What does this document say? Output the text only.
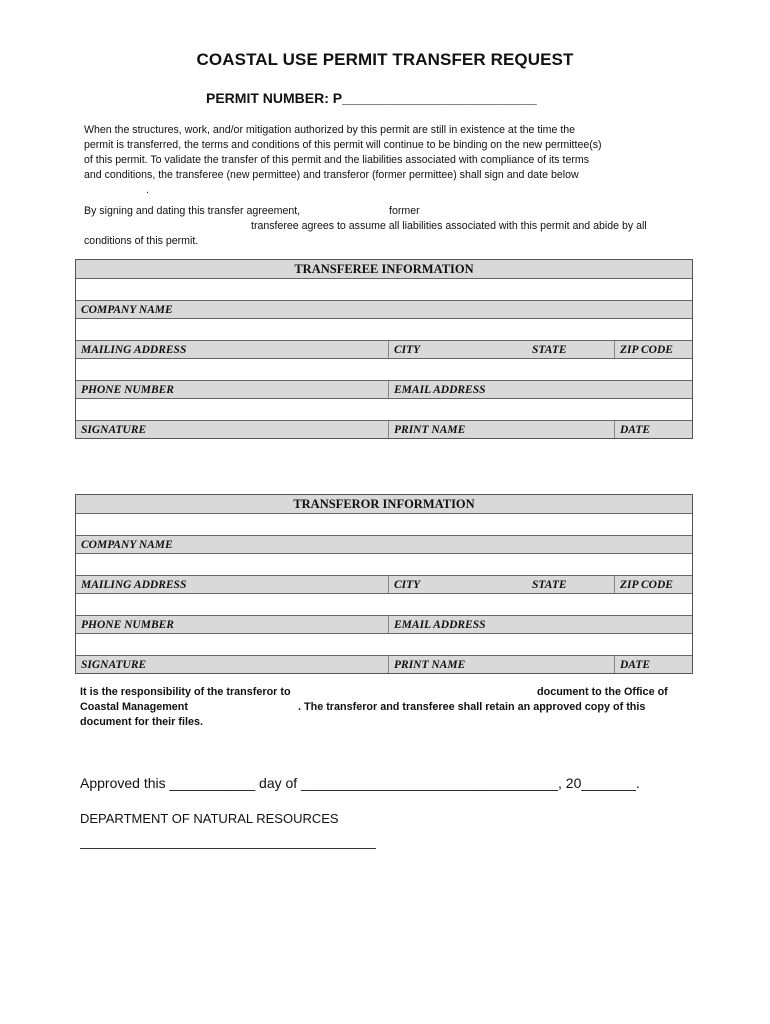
COASTAL USE PERMIT TRANSFER REQUEST
PERMIT NUMBER: P_________________________
When the structures, work, and/or mitigation authorized by this permit are still in existence at the time the
permit is transferred, the terms and conditions of this permit will continue to be binding on the new permittee(s)
of this permit. To validate the transfer of this permit and the liabilities associated with compliance of its terms
and conditions, the transferee (new permittee) and transferor (former permittee) shall sign and date below
.
By signing and dating this transfer agreement,	former
transferee agrees to assume all liabilities associated with this permit and abide by all
conditions of this permit.
TRANSFEREE INFORMATION
COMPANY NAME
MAILING ADDRESS	CITY	STATE	ZIP CODE
PHONE NUMBER	EMAIL ADDRESS
SIGNATURE	PRINT NAME	DATE
TRANSFEROR INFORMATION
COMPANY NAME
MAILING ADDRESS	CITY	STATE	ZIP CODE
PHONE NUMBER	EMAIL ADDRESS
SIGNATURE	PRINT NAME	DATE
It is the responsibility of the transferor to	document to the Office of
Coastal Management	. The transferor and transferee shall retain an approved copy of this
document for their files.
Approved this ___________ day of _________________________________, 20_______.
DEPARTMENT OF NATURAL RESOURCES
